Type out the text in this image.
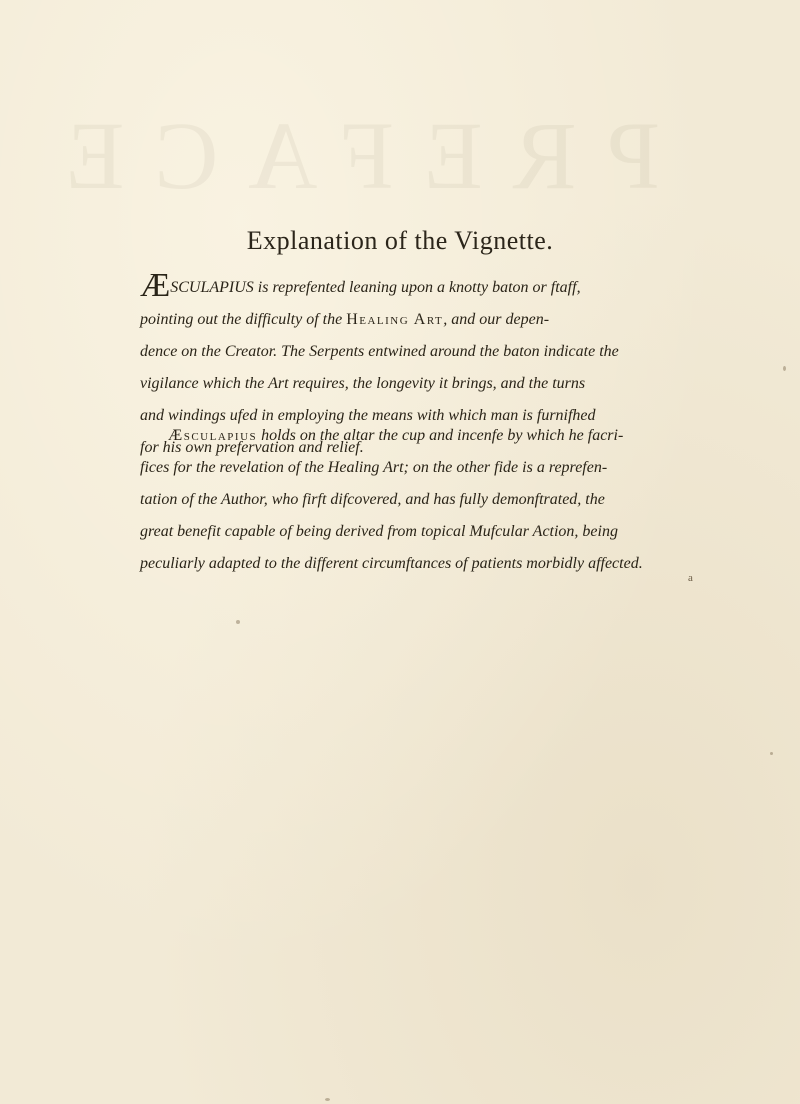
PREFACE
Explanation of the Vignette.
ÆSCULAPIUS is reprefented leaning upon a knotty baton or ftaff,
pointing out the difficulty of the Healing Art, and our depen-
dence on the Creator. The Serpents entwined around the baton indicate the
vigilance which the Art requires, the longevity it brings, and the turns
and windings ufed in employing the means with which man is furnifhed
for his own prefervation and relief.
Æsculapius holds on the altar the cup and incenfe by which he facri-
fices for the revelation of the Healing Art; on the other fide is a reprefen-
tation of the Author, who firft difcovered, and has fully demonftrated, the
great benefit capable of being derived from topical Mufcular Action, being
peculiarly adapted to the different circumftances of patients morbidly affected.
a
